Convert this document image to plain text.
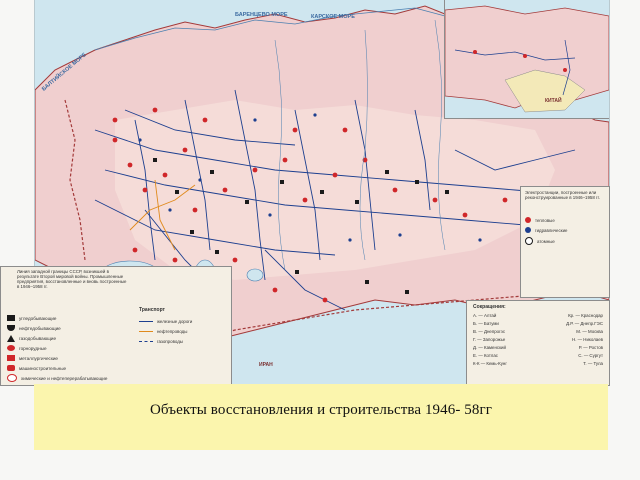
БАРЕНЦЕВО МОРЕ	КАРСКОЕ МОРЕ
БАЛТИЙСКОЕ МОРЕ
ИРАН
КИТАЙ
Линия западной границы СССР, возникшей в результате Второй мировой войны. Промышленные предприятия, восстановленные и вновь построенные в 1946–1958 гг.
угледобывающие
нефтедобывающие
газодобывающие
горнорудные
металлургические
машиностроительные
химические и нефтеперерабатывающие
Транспорт
железные дороги
нефтепроводы
газопроводы
Электростанции, построенные или реконструированные в 1946–1958 гг.
тепловые
гидравлические
атомные
Сокращения:
А. — Алтай	Кр. — Краснодар
Б. — Батуми	Д.Р. — Днепр.ГЭС
В. — Днепрогэс	М. — Москва
Г. — Запорожье	Н. — Николаев
Д. — Каменский	Р. — Ростов
Е. — Котлас	С. — Сургут
К-К — Кемь-Кунг	Т. — Тула
Объекты восстановления и строительства 1946- 58гг
